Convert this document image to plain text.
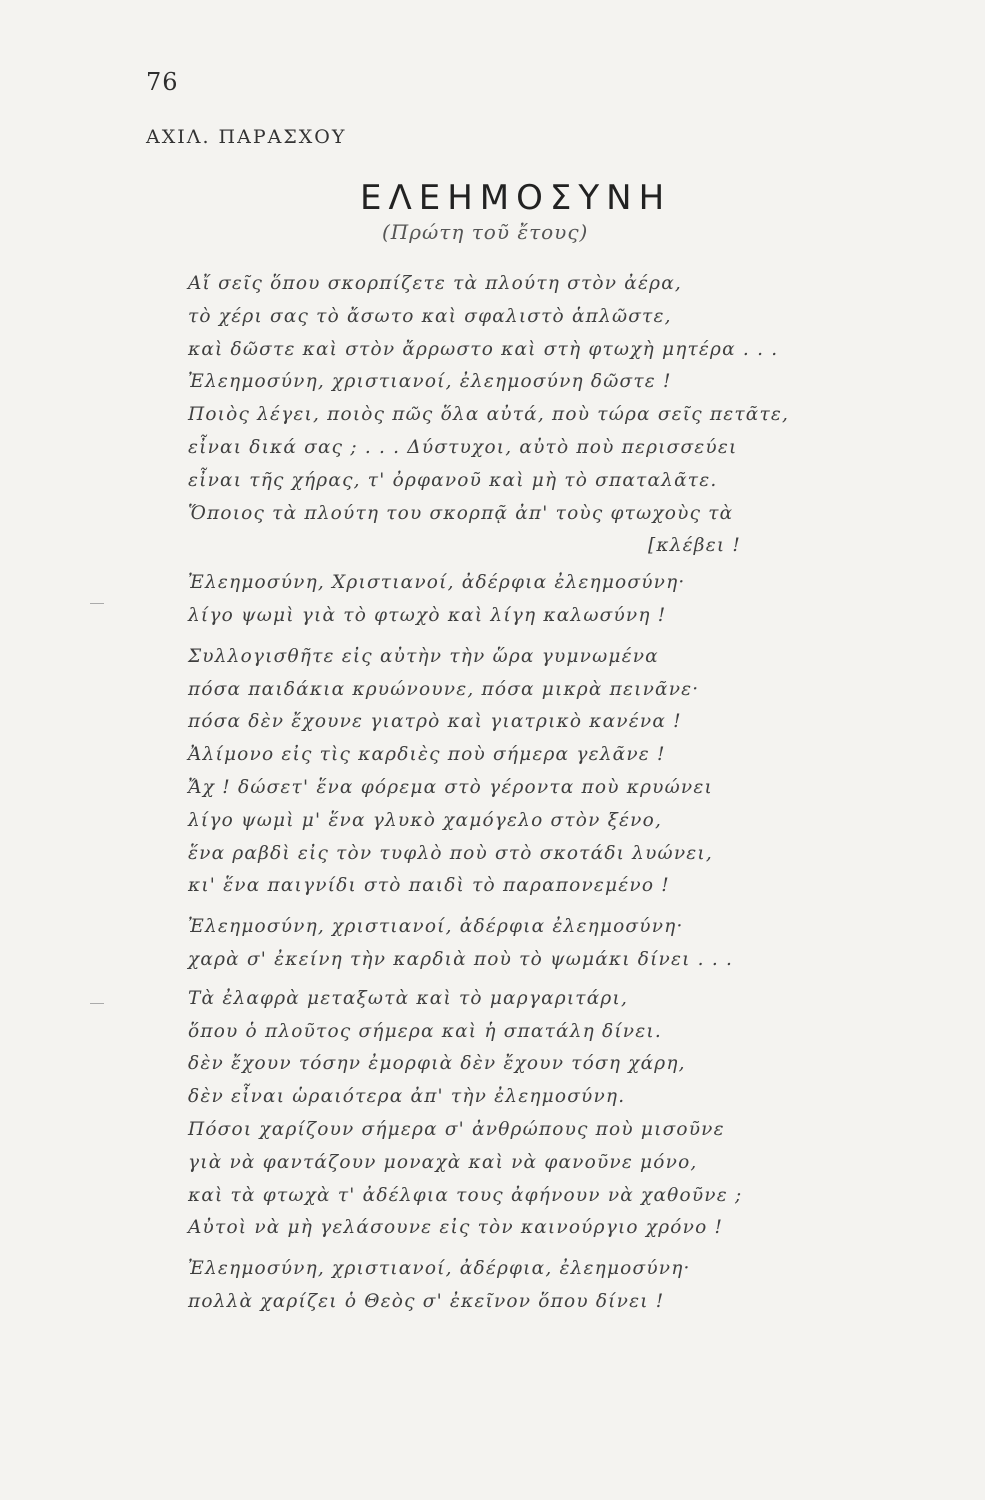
76
ΑΧΙΛ. ΠΑΡΑΣΧΟΥ
ΕΛΕΗΜΟΣΥΝΗ
(Πρώτη τοῦ ἔτους)
Αἴ σεῖς ὅπου σκορπίζετε τὰ πλούτη στὸν ἀέρα,
τὸ χέρι σας τὸ ἄσωτο καὶ σφαλιστὸ ἁπλῶστε,
καὶ δῶστε καὶ στὸν ἄρρωστο καὶ στὴ φτωχὴ μητέρα . . .
Ἐλεημοσύνη, χριστιανοί, ἐλεημοσύνη δῶστε !
Ποιὸς λέγει, ποιὸς πῶς ὅλα αὐτά, ποὺ τώρα σεῖς πετᾶτε,
εἶναι δικά σας ; . . . Δύστυχοι, αὐτὸ ποὺ περισσεύει
εἶναι τῆς χήρας, τ' ὀρφανοῦ καὶ μὴ τὸ σπαταλᾶτε.
Ὅποιος τὰ πλούτη του σκορπᾷ ἀπ' τοὺς φτωχοὺς τὰ
[κλέβει !
Ἐλεημοσύνη, Χριστιανοί, ἀδέρφια ἐλεημοσύνη·
λίγο ψωμὶ γιὰ τὸ φτωχὸ καὶ λίγη καλωσύνη !
Συλλογισθῆτε εἰς αὐτὴν τὴν ὥρα γυμνωμένα
πόσα παιδάκια κρυώνουνε, πόσα μικρὰ πεινᾶνε·
πόσα δὲν ἔχουνε γιατρὸ καὶ γιατρικὸ κανένα !
Ἀλίμονο εἰς τὶς καρδιὲς ποὺ σήμερα γελᾶνε !
Ἄχ ! δώσετ' ἕνα φόρεμα στὸ γέροντα ποὺ κρυώνει
λίγο ψωμὶ μ' ἕνα γλυκὸ χαμόγελο στὸν ξένο,
ἕνα ραβδὶ εἰς τὸν τυφλὸ ποὺ στὸ σκοτάδι λυώνει,
κι' ἕνα παιγνίδι στὸ παιδὶ τὸ παραπονεμένο !
Ἐλεημοσύνη, χριστιανοί, ἀδέρφια ἐλεημοσύνη·
χαρὰ σ' ἐκείνη τὴν καρδιὰ ποὺ τὸ ψωμάκι δίνει . . .
Τὰ ἐλαφρὰ μεταξωτὰ καὶ τὸ μαργαριτάρι,
ὅπου ὁ πλοῦτος σήμερα καὶ ἡ σπατάλη δίνει.
δὲν ἔχουν τόσην ἐμορφιὰ δὲν ἔχουν τόση χάρη,
δὲν εἶναι ὡραιότερα ἀπ' τὴν ἐλεημοσύνη.
Πόσοι χαρίζουν σήμερα σ' ἀνθρώπους ποὺ μισοῦνε
γιὰ νὰ φαντάζουν μοναχὰ καὶ νὰ φανοῦνε μόνο,
καὶ τὰ φτωχὰ τ' ἀδέλφια τους ἀφήνουν νὰ χαθοῦνε ;
Αὐτοὶ νὰ μὴ γελάσουνε εἰς τὸν καινούργιο χρόνο !
Ἐλεημοσύνη, χριστιανοί, ἀδέρφια, ἐλεημοσύνη·
πολλὰ χαρίζει ὁ Θεὸς σ' ἐκεῖνον ὅπου δίνει !
